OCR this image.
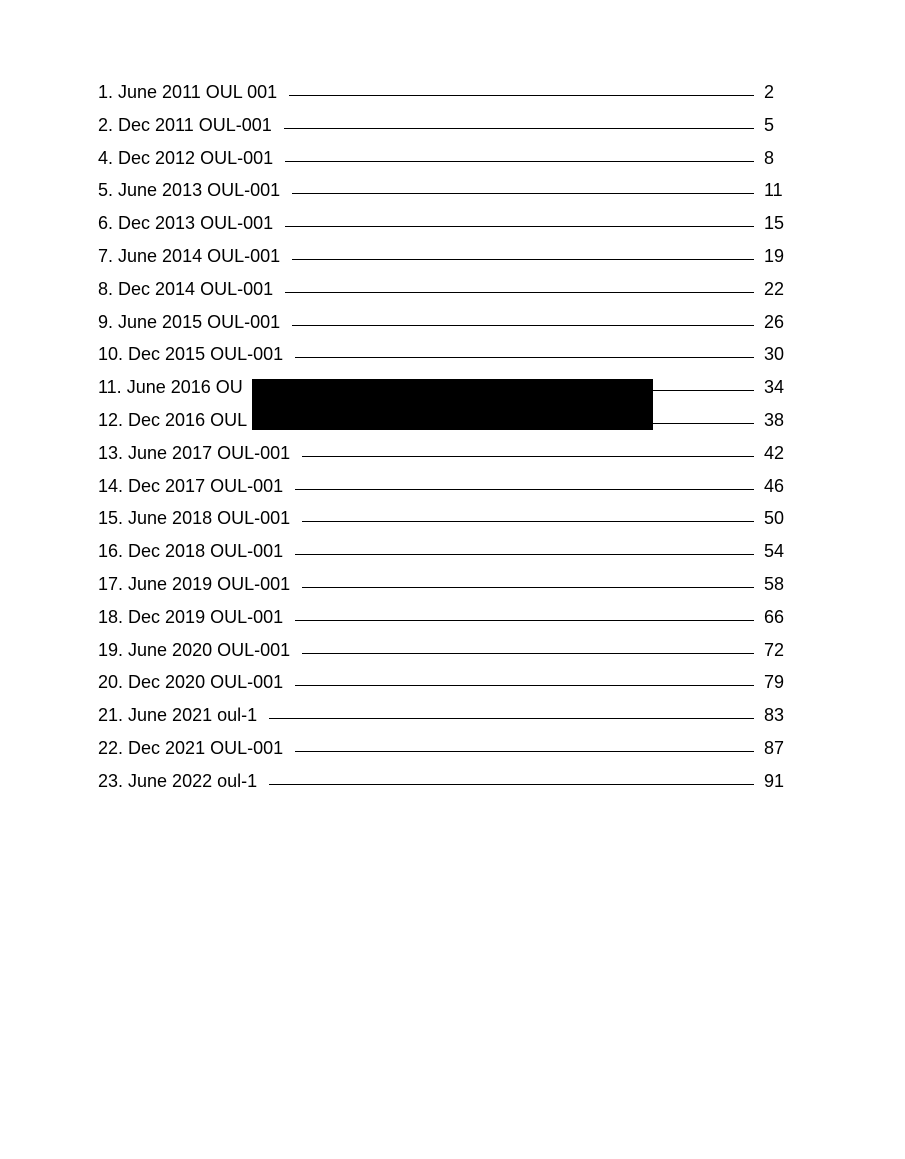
1. June 2011 OUL 001	2
2. Dec 2011 OUL-001	5
4. Dec 2012 OUL-001	8
5. June 2013 OUL-001	11
6. Dec 2013 OUL-001	15
7. June 2014 OUL-001	19
8. Dec 2014 OUL-001	22
9. June 2015 OUL-001	26
10. Dec 2015 OUL-001	30
11. June 2016 OU	34
12. Dec 2016 OUL	38
13. June 2017 OUL-001	42
14. Dec 2017 OUL-001	46
15. June 2018 OUL-001	50
16. Dec 2018 OUL-001	54
17. June 2019 OUL-001	58
18. Dec 2019 OUL-001	66
19. June 2020 OUL-001	72
20. Dec 2020 OUL-001	79
21. June 2021 oul-1	83
22. Dec 2021 OUL-001	87
23. June 2022 oul-1	91
